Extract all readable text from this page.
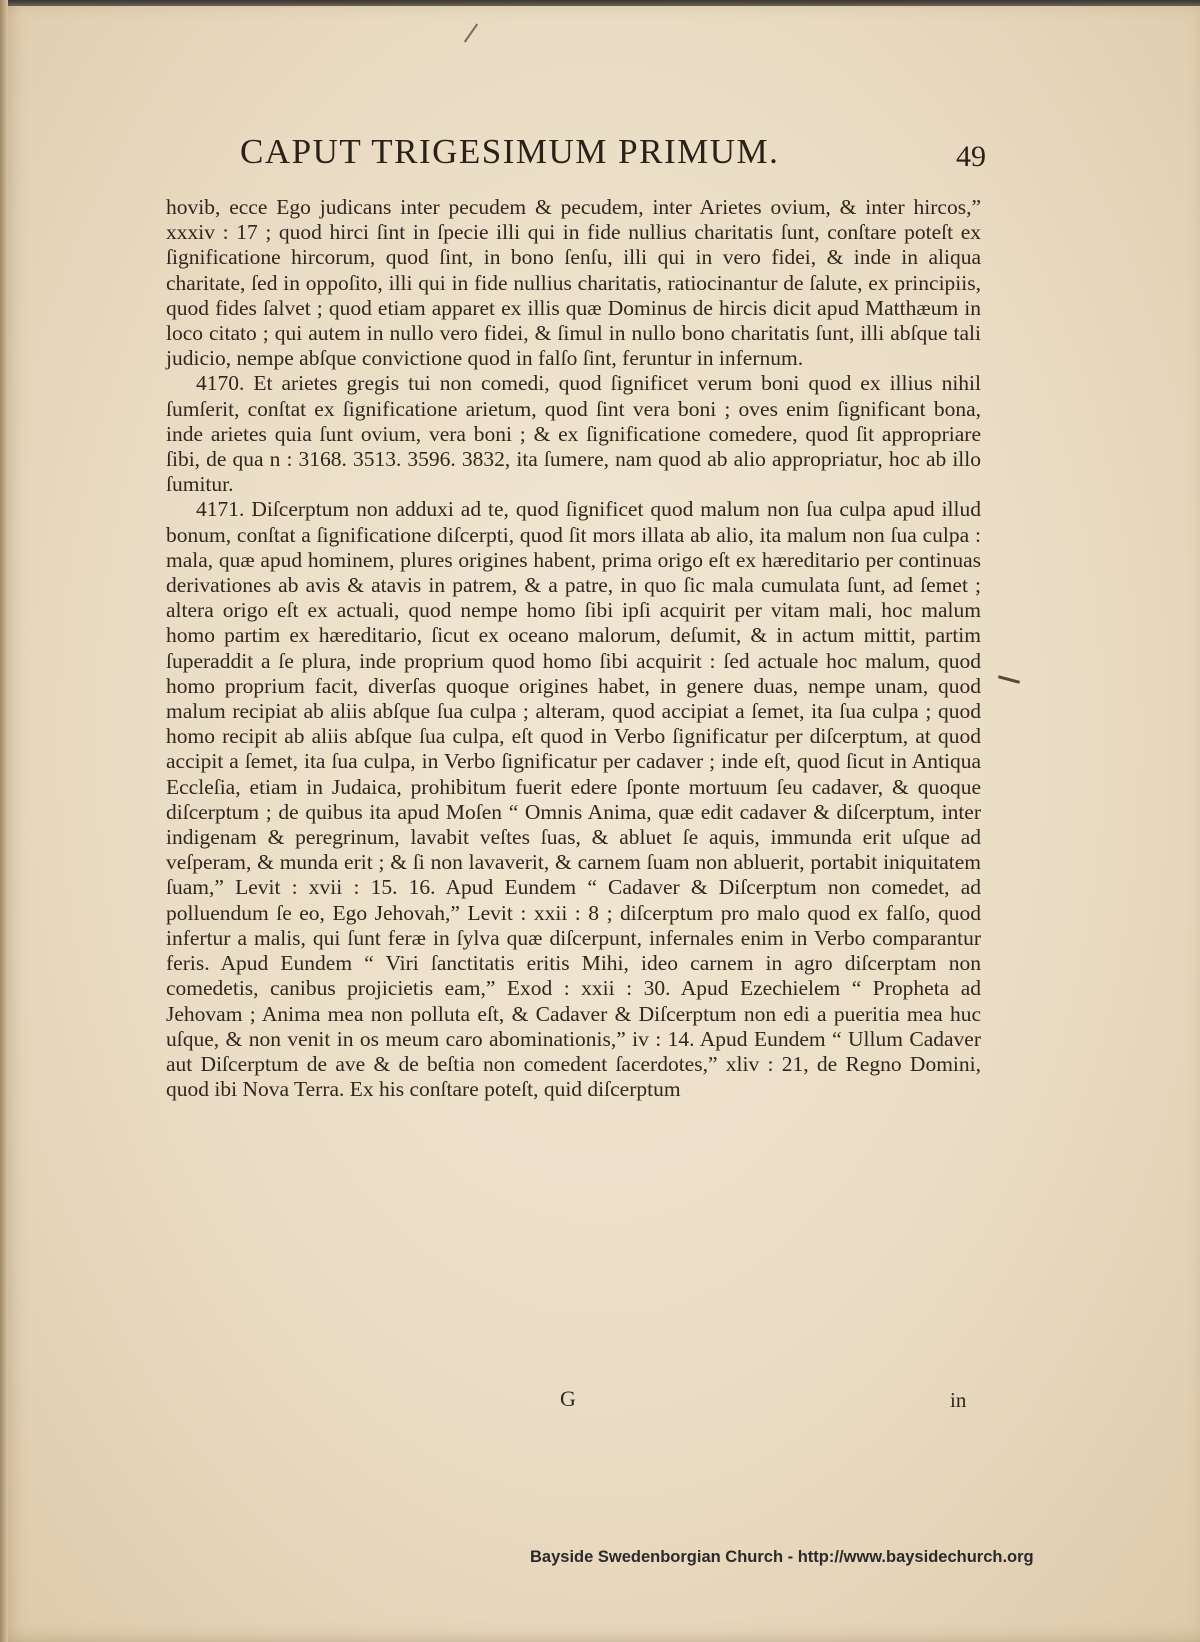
CAPUT TRIGESIMUM PRIMUM.	49

hovib, ecce Ego judicans inter pecudem & pecudem, inter Arietes ovium, & inter hircos,” xxxiv : 17 ; quod hirci ſint in ſpecie illi qui in fide nullius charitatis ſunt, conſtare poteſt ex ſignificatione hircorum, quod ſint, in bono ſenſu, illi qui in vero fidei, & inde in aliqua charitate, ſed in oppoſito, illi qui in fide nullius charitatis, ratiocinantur de ſalute, ex principiis, quod fides ſalvet ; quod etiam apparet ex illis quæ Dominus de hircis dicit apud Matthæum in loco citato ; qui autem in nullo vero fidei, & ſimul in nullo bono charitatis ſunt, illi abſque tali judicio, nempe abſque convictione quod in falſo ſint, feruntur in infernum.

4170. Et arietes gregis tui non comedi, quod ſignificet verum boni quod ex illius nihil ſumſerit, conſtat ex ſignificatione arietum, quod ſint vera boni ; oves enim ſignificant bona, inde arietes quia ſunt ovium, vera boni ; & ex ſignificatione comedere, quod ſit appropriare ſibi, de qua n : 3168. 3513. 3596. 3832, ita ſumere, nam quod ab alio appropriatur, hoc ab illo ſumitur.

4171. Diſcerptum non adduxi ad te, quod ſignificet quod malum non ſua culpa apud illud bonum, conſtat a ſignificatione diſcerpti, quod ſit mors illata ab alio, ita malum non ſua culpa : mala, quæ apud hominem, plures origines habent, prima origo eſt ex hæreditario per continuas derivationes ab avis & atavis in patrem, & a patre, in quo ſic mala cumulata ſunt, ad ſemet ; altera origo eſt ex actuali, quod nempe homo ſibi ipſi acquirit per vitam mali, hoc malum homo partim ex hæreditario, ſicut ex oceano malorum, deſumit, & in actum mittit, partim ſuperaddit a ſe plura, inde proprium quod homo ſibi acquirit : ſed actuale hoc malum, quod homo proprium facit, diverſas quoque origines habet, in genere duas, nempe unam, quod malum recipiat ab aliis abſque ſua culpa ; alteram, quod accipiat a ſemet, ita ſua culpa ; quod homo recipit ab aliis abſque ſua culpa, eſt quod in Verbo ſignificatur per diſcerptum, at quod accipit a ſemet, ita ſua culpa, in Verbo ſignificatur per cadaver ; inde eſt, quod ſicut in Antiqua Eccleſia, etiam in Judaica, prohibitum fuerit edere ſponte mortuum ſeu cadaver, & quoque diſcerptum ; de quibus ita apud Moſen “ Omnis Anima, quæ edit cadaver & diſcerptum, inter indigenam & peregrinum, lavabit veſtes ſuas, & abluet ſe aquis, immunda erit uſque ad veſperam, & munda erit ; & ſi non lavaverit, & carnem ſuam non abluerit, portabit iniquitatem ſuam,” Levit : xvii : 15. 16. Apud Eundem “ Cadaver & Diſcerptum non comedet, ad polluendum ſe eo, Ego Jehovah,” Levit : xxii : 8 ; diſcerptum pro malo quod ex falſo, quod infertur a malis, qui ſunt feræ in ſylva quæ diſcerpunt, infernales enim in Verbo comparantur feris. Apud Eundem “ Viri ſanctitatis eritis Mihi, ideo carnem in agro diſcerptam non comedetis, canibus projicietis eam,” Exod : xxii : 30. Apud Ezechielem “ Propheta ad Jehovam ; Anima mea non polluta eſt, & Cadaver & Diſcerptum non edi a pueritia mea huc uſque, & non venit in os meum caro abominationis,” iv : 14. Apud Eundem “ Ullum Cadaver aut Diſcerptum de ave & de beſtia non comedent ſacerdotes,” xliv : 21, de Regno Domini, quod ibi Nova Terra. Ex his conſtare poteſt, quid diſcerptum

G	in
Bayside Swedenborgian Church - http://www.baysidechurch.org
